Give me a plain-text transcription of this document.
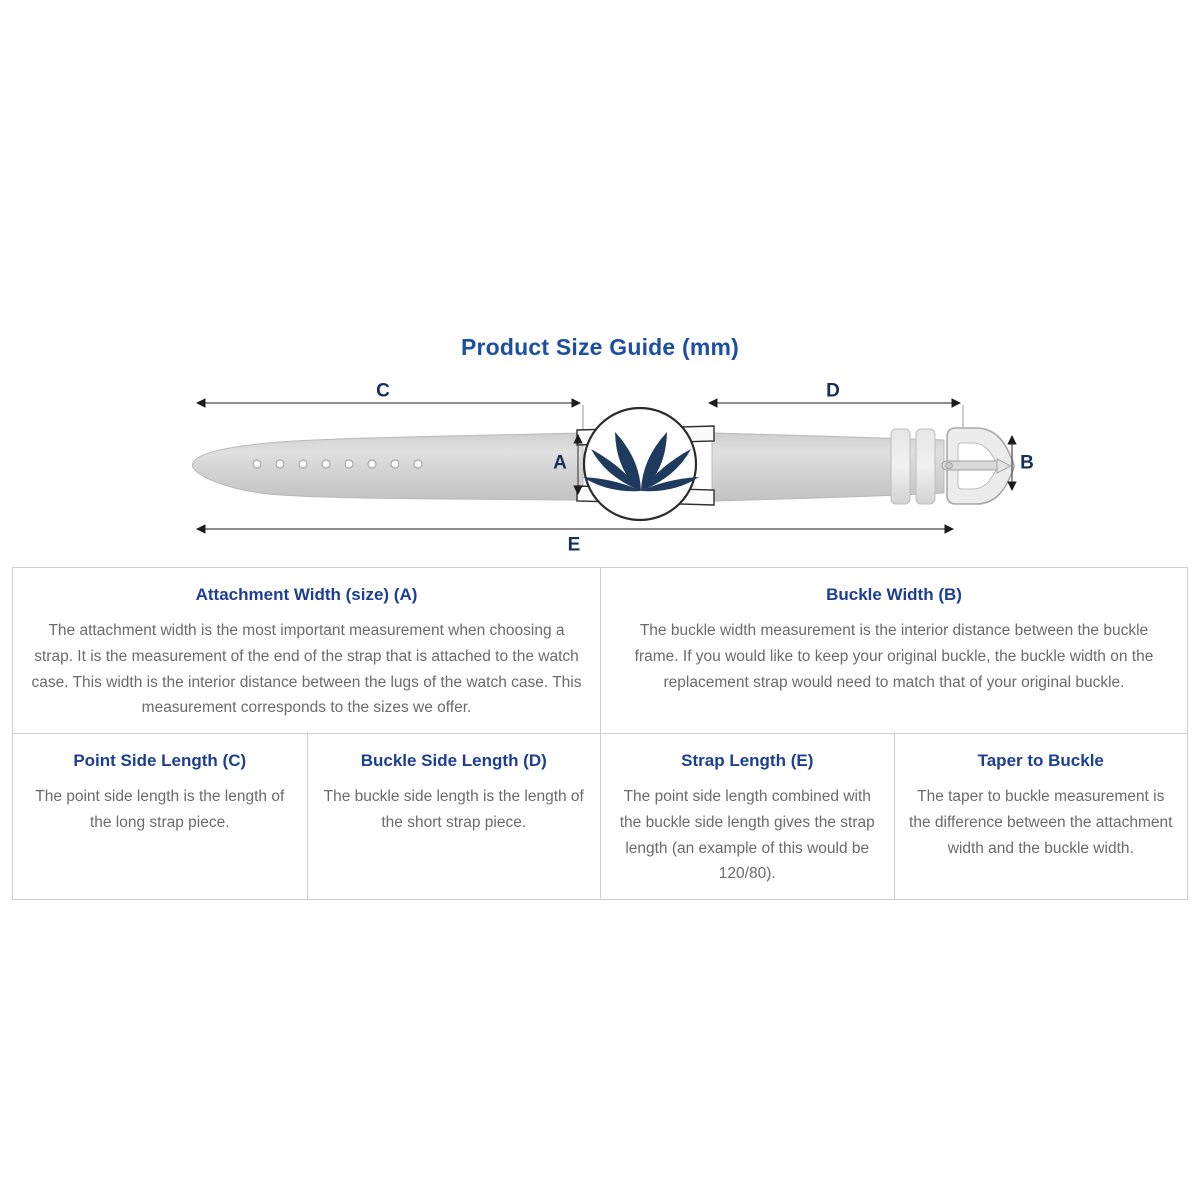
Product Size Guide (mm)
C	D
A	B
E
Attachment Width (size) (A)
The attachment width is the most important measurement when choosing a strap. It is the measurement of the end of the strap that is attached to the watch case. This width is the interior distance between the lugs of the watch case. This measurement corresponds to the sizes we offer.
Buckle Width (B)
The buckle width measurement is the interior distance between the buckle frame. If you would like to keep your original buckle, the buckle width on the replacement strap would need to match that of your original buckle.
Point Side Length (C)
The point side length is the length of the long strap piece.
Buckle Side Length (D)
The buckle side length is the length of the short strap piece.
Strap Length (E)
The point side length combined with the buckle side length gives the strap length (an example of this would be 120/80).
Taper to Buckle
The taper to buckle measurement is the difference between the attachment width and the buckle width.
